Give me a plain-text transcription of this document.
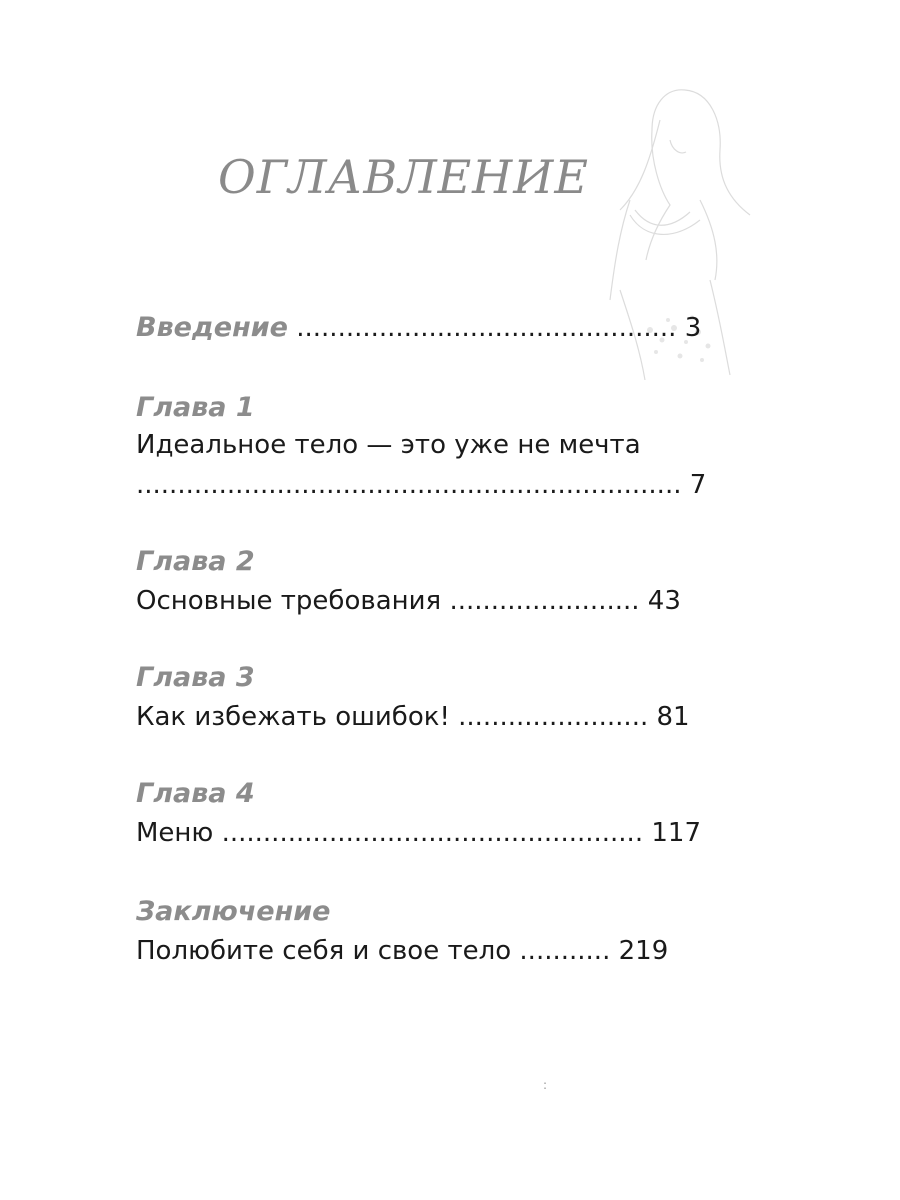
ОГЛАВЛЕНИЕ

Введение .............................................. 3

Глава 1

Идеальное тело — это уже не мечта

.................................................................. 7

Глава 2

Основные требования ....................... 43

Глава 3

Как избежать ошибок! ....................... 81

Глава 4

Меню ................................................... 117

Заключение

Полюбите себя и свое тело ........... 219

:
